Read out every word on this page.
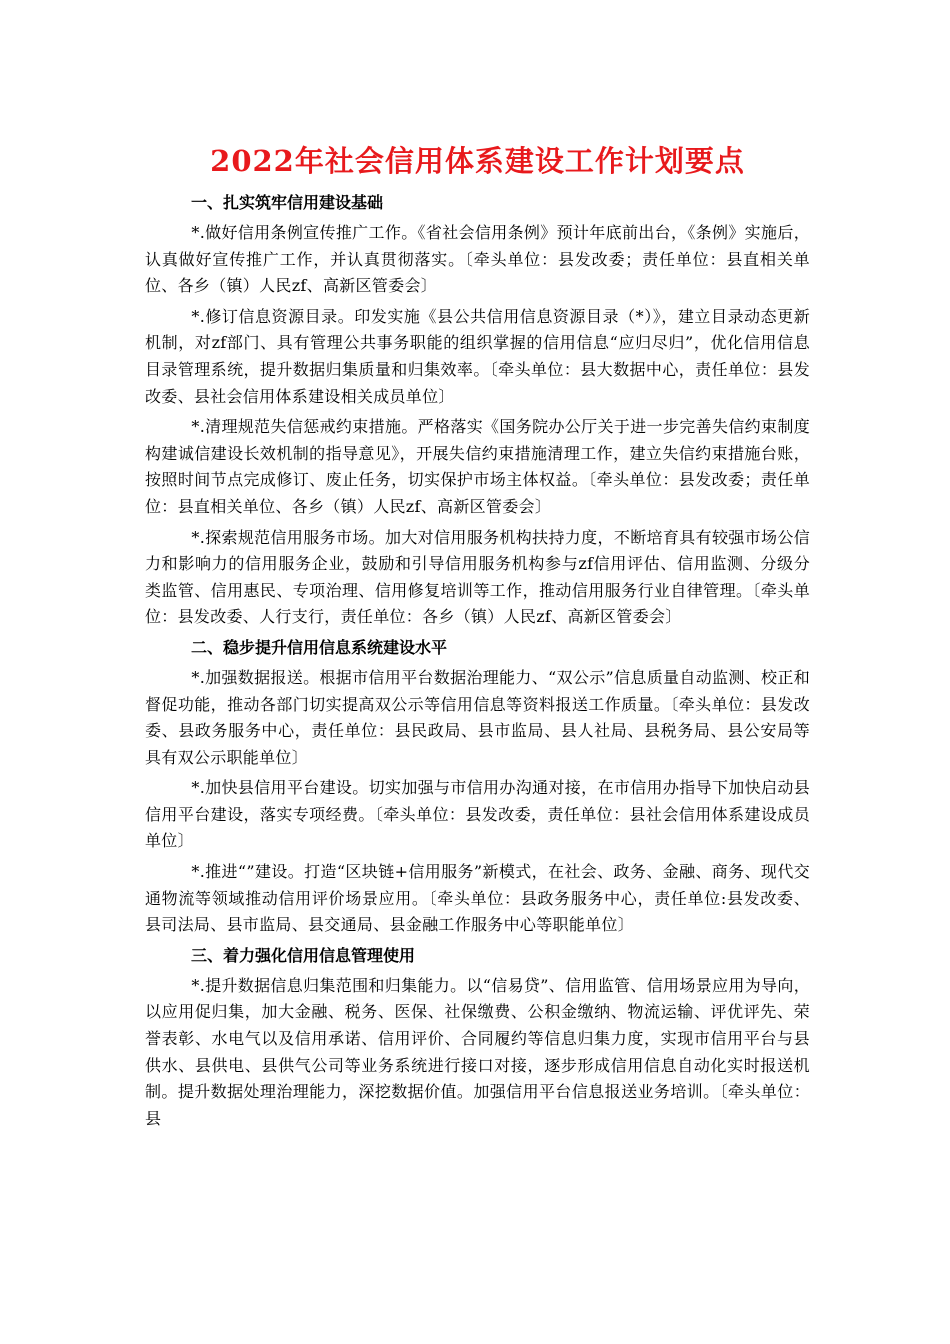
2022年社会信用体系建设工作计划要点
一、扎实筑牢信用建设基础

*.做好信用条例宣传推广工作。《省社会信用条例》预计年底前出台，《条例》实施后，认真做好宣传推广工作，并认真贯彻落实。〔牵头单位：县发改委；责任单位：县直相关单位、各乡（镇）人民zf、高新区管委会〕

*.修订信息资源目录。印发实施《县公共信用信息资源目录（*）》，建立目录动态更新机制，对zf部门、具有管理公共事务职能的组织掌握的信用信息“应归尽归”，优化信用信息目录管理系统，提升数据归集质量和归集效率。〔牵头单位：县大数据中心，责任单位：县发改委、县社会信用体系建设相关成员单位〕

*.清理规范失信惩戒约束措施。严格落实《国务院办公厅关于进一步完善失信约束制度构建诚信建设长效机制的指导意见》，开展失信约束措施清理工作，建立失信约束措施台账，按照时间节点完成修订、废止任务，切实保护市场主体权益。〔牵头单位：县发改委；责任单位：县直相关单位、各乡（镇）人民zf、高新区管委会〕

*.探索规范信用服务市场。加大对信用服务机构扶持力度，不断培育具有较强市场公信力和影响力的信用服务企业，鼓励和引导信用服务机构参与zf信用评估、信用监测、分级分类监管、信用惠民、专项治理、信用修复培训等工作，推动信用服务行业自律管理。〔牵头单位：县发改委、人行支行，责任单位：各乡（镇）人民zf、高新区管委会〕

二、稳步提升信用信息系统建设水平

*.加强数据报送。根据市信用平台数据治理能力、“双公示”信息质量自动监测、校正和督促功能，推动各部门切实提高双公示等信用信息等资料报送工作质量。〔牵头单位：县发改委、县政务服务中心，责任单位：县民政局、县市监局、县人社局、县税务局、县公安局等具有双公示职能单位〕

*.加快县信用平台建设。切实加强与市信用办沟通对接，在市信用办指导下加快启动县信用平台建设，落实专项经费。〔牵头单位：县发改委，责任单位：县社会信用体系建设成员单位〕

*.推进“”建设。打造“区块链+信用服务”新模式，在社会、政务、金融、商务、现代交通物流等领域推动信用评价场景应用。〔牵头单位：县政务服务中心，责任单位:县发改委、县司法局、县市监局、县交通局、县金融工作服务中心等职能单位〕

三、着力强化信用信息管理使用

*.提升数据信息归集范围和归集能力。以“信易贷”、信用监管、信用场景应用为导向，以应用促归集，加大金融、税务、医保、社保缴费、公积金缴纳、物流运输、评优评先、荣誉表彰、水电气以及信用承诺、信用评价、合同履约等信息归集力度，实现市信用平台与县供水、县供电、县供气公司等业务系统进行接口对接，逐步形成信用信息自动化实时报送机制。提升数据处理治理能力，深挖数据价值。加强信用平台信息报送业务培训。〔牵头单位：县
